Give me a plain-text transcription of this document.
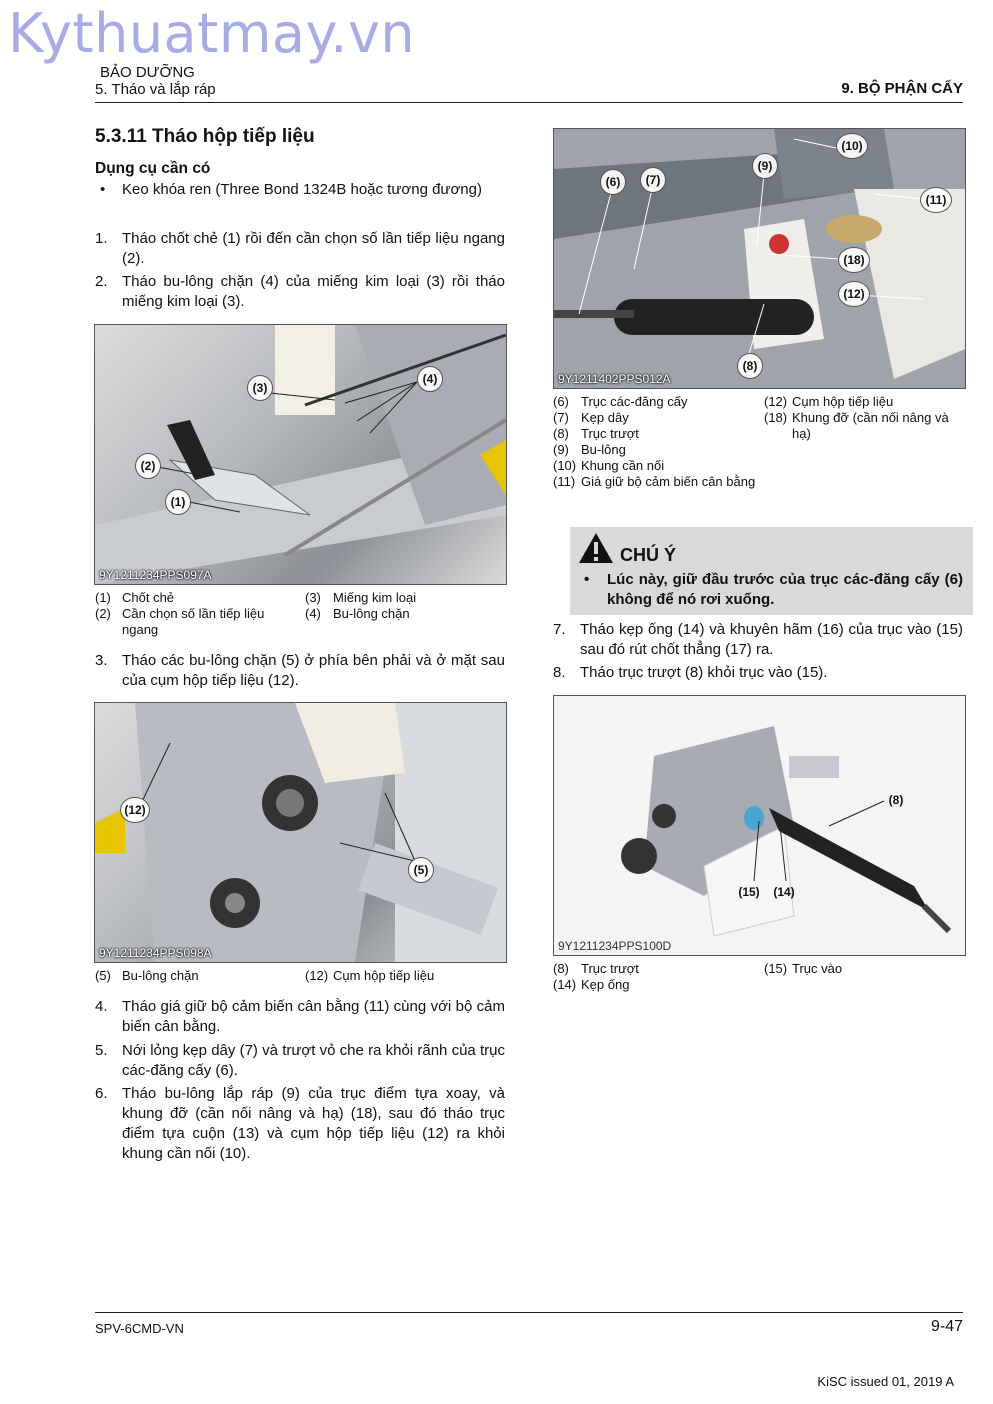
Kythuatmay.vn
BẢO DƯỠNG
5. Tháo và lắp ráp	9. BỘ PHẬN CẤY
5.3.11 Tháo hộp tiếp liệu
Dụng cụ cần có
• Keo khóa ren (Three Bond 1324B hoặc tương đương)
1. Tháo chốt chẻ (1) rồi đến cần chọn số lần tiếp liệu ngang (2).
2. Tháo bu-lông chặn (4) của miếng kim loại (3) rồi tháo miếng kim loại (3).
(3)
(4)
(2)
(1)
9Y1211234PPS097A
(1) Chốt chẻ
(2) Cần chọn số lần tiếp liệu ngang
(3) Miếng kim loại
(4) Bu-lông chặn
3. Tháo các bu-lông chặn (5) ở phía bên phải và ở mặt sau của cụm hộp tiếp liệu (12).
(12)
(5)
9Y1211234PPS098A
(5) Bu-lông chặn	(12) Cụm hộp tiếp liệu
4. Tháo giá giữ bộ cảm biến cân bằng (11) cùng với bộ cảm biến cân bằng.
5. Nới lỏng kẹp dây (7) và trượt vỏ che ra khỏi rãnh của trục các-đăng cấy (6).
6. Tháo bu-lông lắp ráp (9) của trục điểm tựa xoay, và khung đỡ (cần nối nâng và hạ) (18), sau đó tháo trục điểm tựa cuộn (13) và cụm hộp tiếp liệu (12) ra khỏi khung cần nối (10).
(10)
(9)
(6)	(7)
(11)
(18)
(12)
(8)
9Y1211402PPS012A
(6) Trục các-đăng cấy
(7) Kẹp dây
(8) Trục trượt
(9) Bu-lông
(10) Khung cần nối
(11) Giá giữ bộ cảm biến cân bằng
(12) Cụm hộp tiếp liệu
(18) Khung đỡ (cần nối nâng và hạ)
CHÚ Ý
• Lúc này, giữ đầu trước của trục các-đăng cấy (6) không để nó rơi xuống.
7. Tháo kẹp ống (14) và khuyên hãm (16) của trục vào (15) sau đó rút chốt thẳng (17) ra.
8. Tháo trục trượt (8) khỏi trục vào (15).
(8)
(15)	(14)
9Y1211234PPS100D
(8) Trục trượt
(14) Kẹp ống
(15) Trục vào
SPV-6CMD-VN	9-47
KiSC issued 01, 2019 A
